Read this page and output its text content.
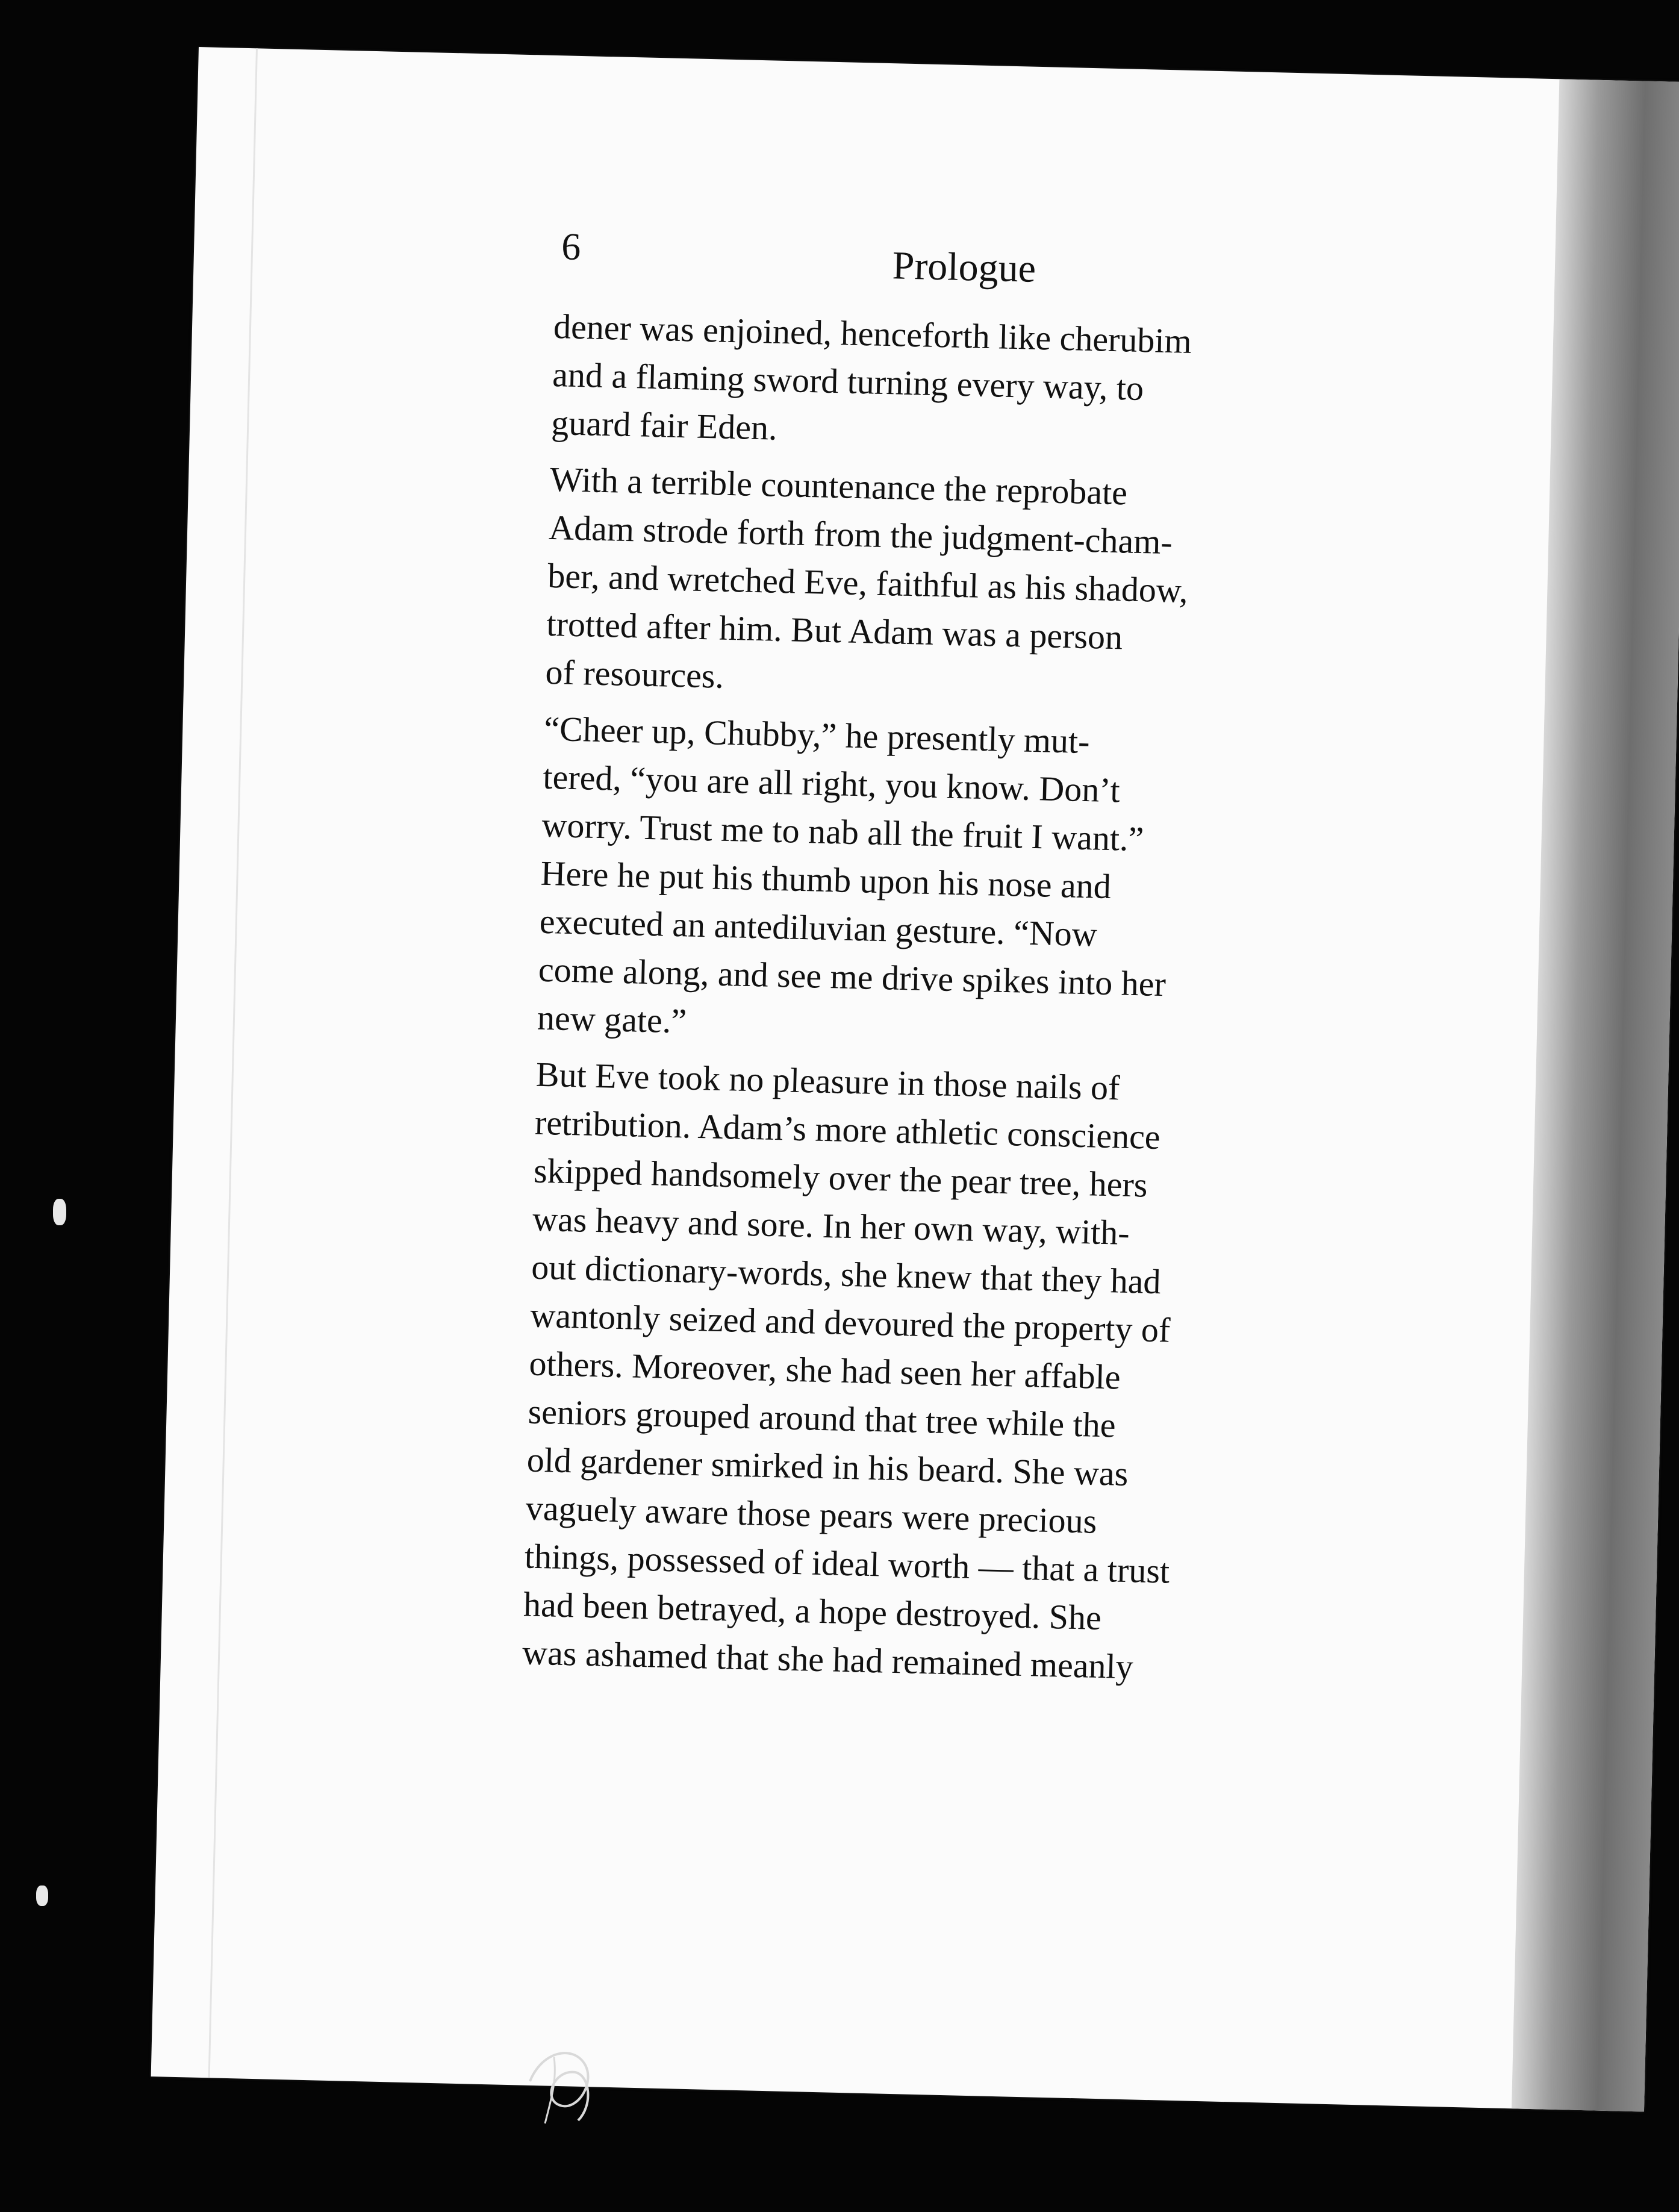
6	Prologue
dener was enjoined, henceforth like cherubim
and a flaming sword turning every way, to
guard fair Eden.
With a terrible countenance the reprobate
Adam strode forth from the judgment-cham-
ber, and wretched Eve, faithful as his shadow,
trotted after him. But Adam was a person
of resources.
“Cheer up, Chubby,” he presently mut-
tered, “you are all right, you know. Don’t
worry. Trust me to nab all the fruit I want.”
Here he put his thumb upon his nose and
executed an antediluvian gesture. “Now
come along, and see me drive spikes into her
new gate.”
But Eve took no pleasure in those nails of
retribution. Adam’s more athletic conscience
skipped handsomely over the pear tree, hers
was heavy and sore. In her own way, with-
out dictionary-words, she knew that they had
wantonly seized and devoured the property of
others. Moreover, she had seen her affable
seniors grouped around that tree while the
old gardener smirked in his beard. She was
vaguely aware those pears were precious
things, possessed of ideal worth — that a trust
had been betrayed, a hope destroyed. She
was ashamed that she had remained meanly
